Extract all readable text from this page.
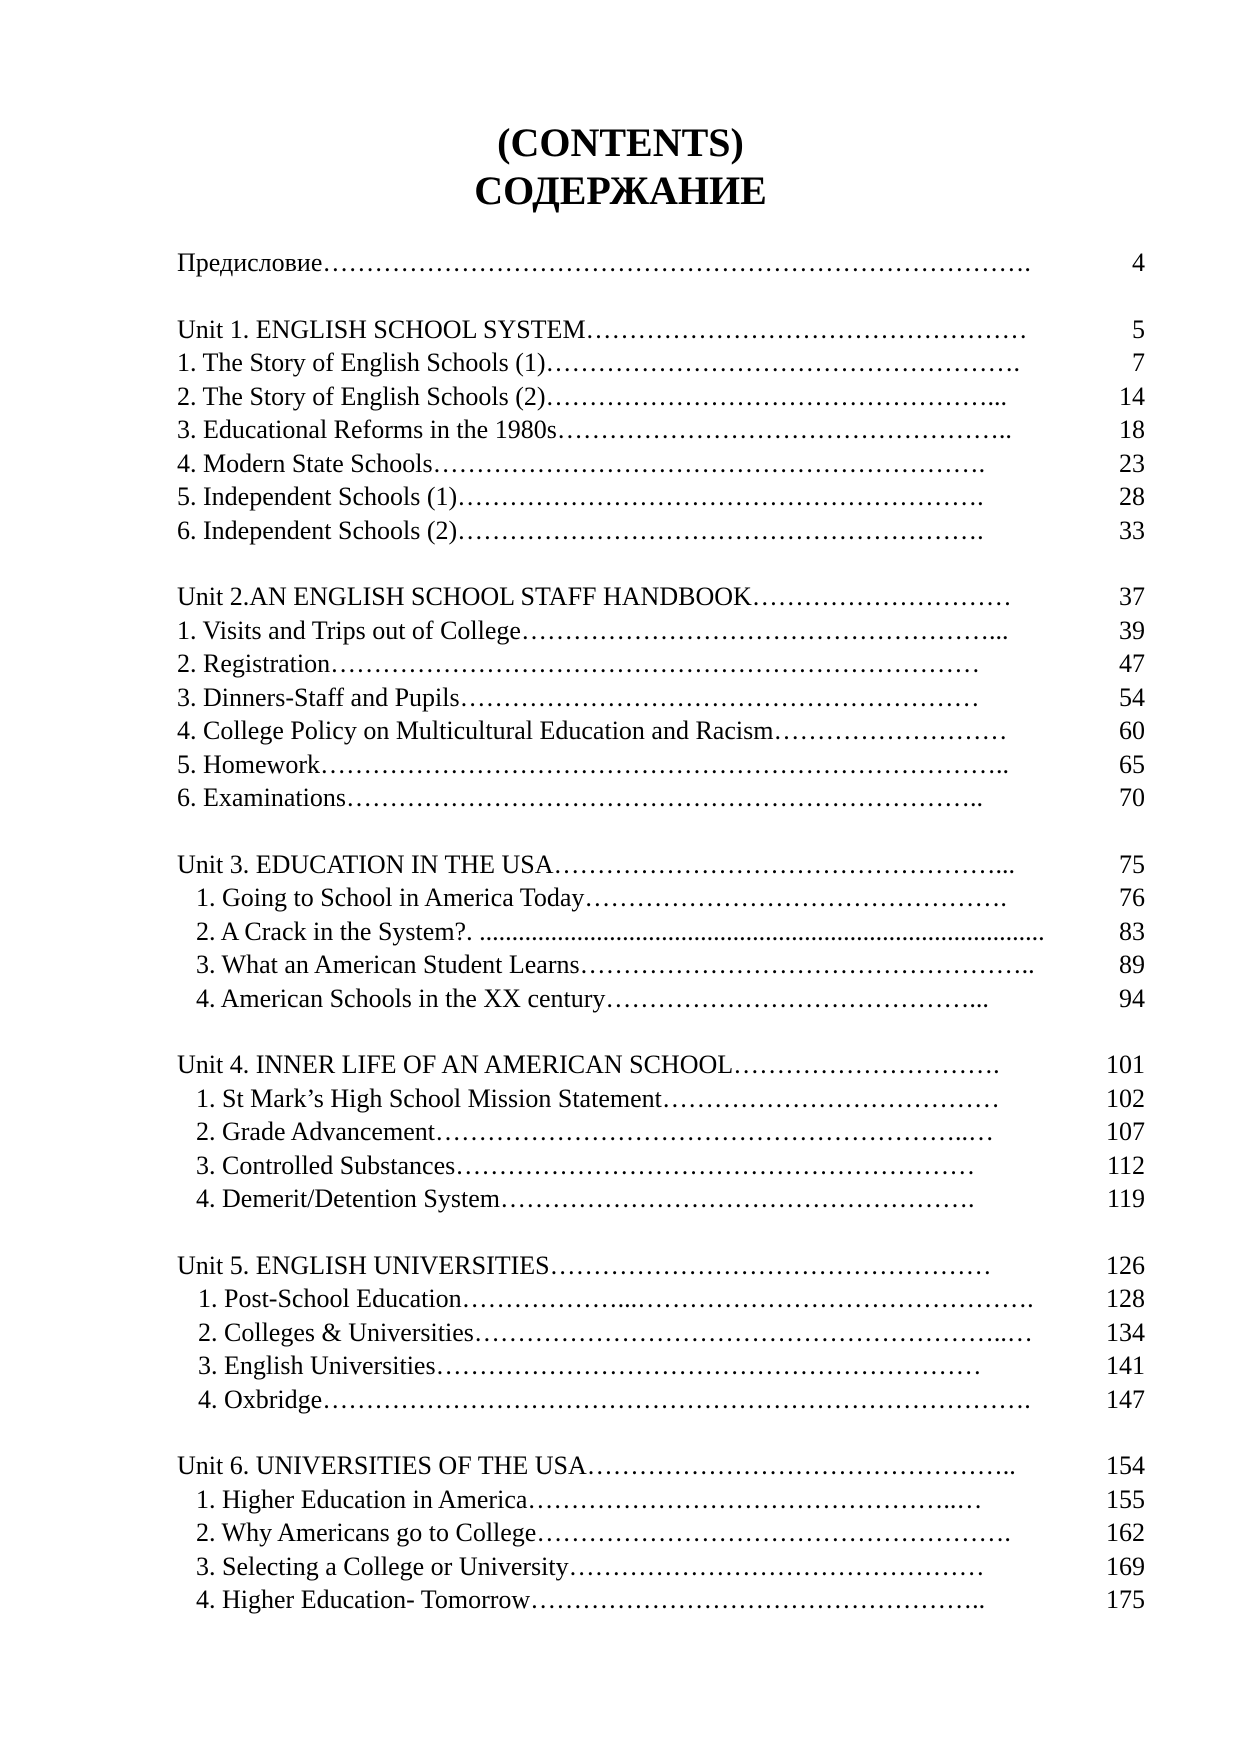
(CONTENTS)
СОДЕРЖАНИЕ
Предисловие……………………………………………………………………….	4
Unit 1. ENGLISH SCHOOL SYSTEM……………………………………………	5
1. The Story of English Schools (1)……………………………………………….	7
2. The Story of English Schools (2)……………………………………………...	14
3. Educational Reforms in the 1980s……………………………………………..	18
4. Modern State Schools……………………………………………………….	23
5. Independent Schools (1)…………………………………………………….	28
6. Independent Schools (2)…………………………………………………….	33
Unit 2.AN ENGLISH SCHOOL STAFF HANDBOOK…………………………	37
1. Visits and Trips out of College………………………………………………...	39
2. Registration…………………………………………………………………	47
3. Dinners-Staff and Pupils……………………………………………………	54
4. College Policy on Multicultural Education and Racism………………………	60
5. Homework……………………………………………………………………..	65
6. Examinations………………………………………………………………..	70
Unit 3. EDUCATION IN THE USA……………………………………………...	75
1. Going to School in America Today………………………………………….	76
2. A Crack in the System?. .......................................................................................	83
3. What an American Student Learns……………………………………………..	89
4. American Schools in the XX century……………………………………...	94
Unit 4. INNER LIFE OF AN AMERICAN SCHOOL………………………….	101
1. St Mark’s High School Mission Statement…………………………………	102
2. Grade Advancement……………………………………………………..…	107
3. Controlled Substances……………………………………………………	112
4. Demerit/Detention System……………………………………………….	119
Unit 5. ENGLISH UNIVERSITIES……………………………………………	126
1. Post-School Education………………...……………………………………….	128
2. Colleges & Universities……………………………………………………..…	134
3. English Universities………………………………………………………	141
4. Oxbridge……………………………………………………………………….	147
Unit 6. UNIVERSITIES OF THE USA…………………………………………..	154
1. Higher Education in America…………………………………………..…	155
2. Why Americans go to College……………………………………………….	162
3. Selecting a College or University…………………………………………	169
4. Higher Education- Tomorrow……………………………………………..	175
